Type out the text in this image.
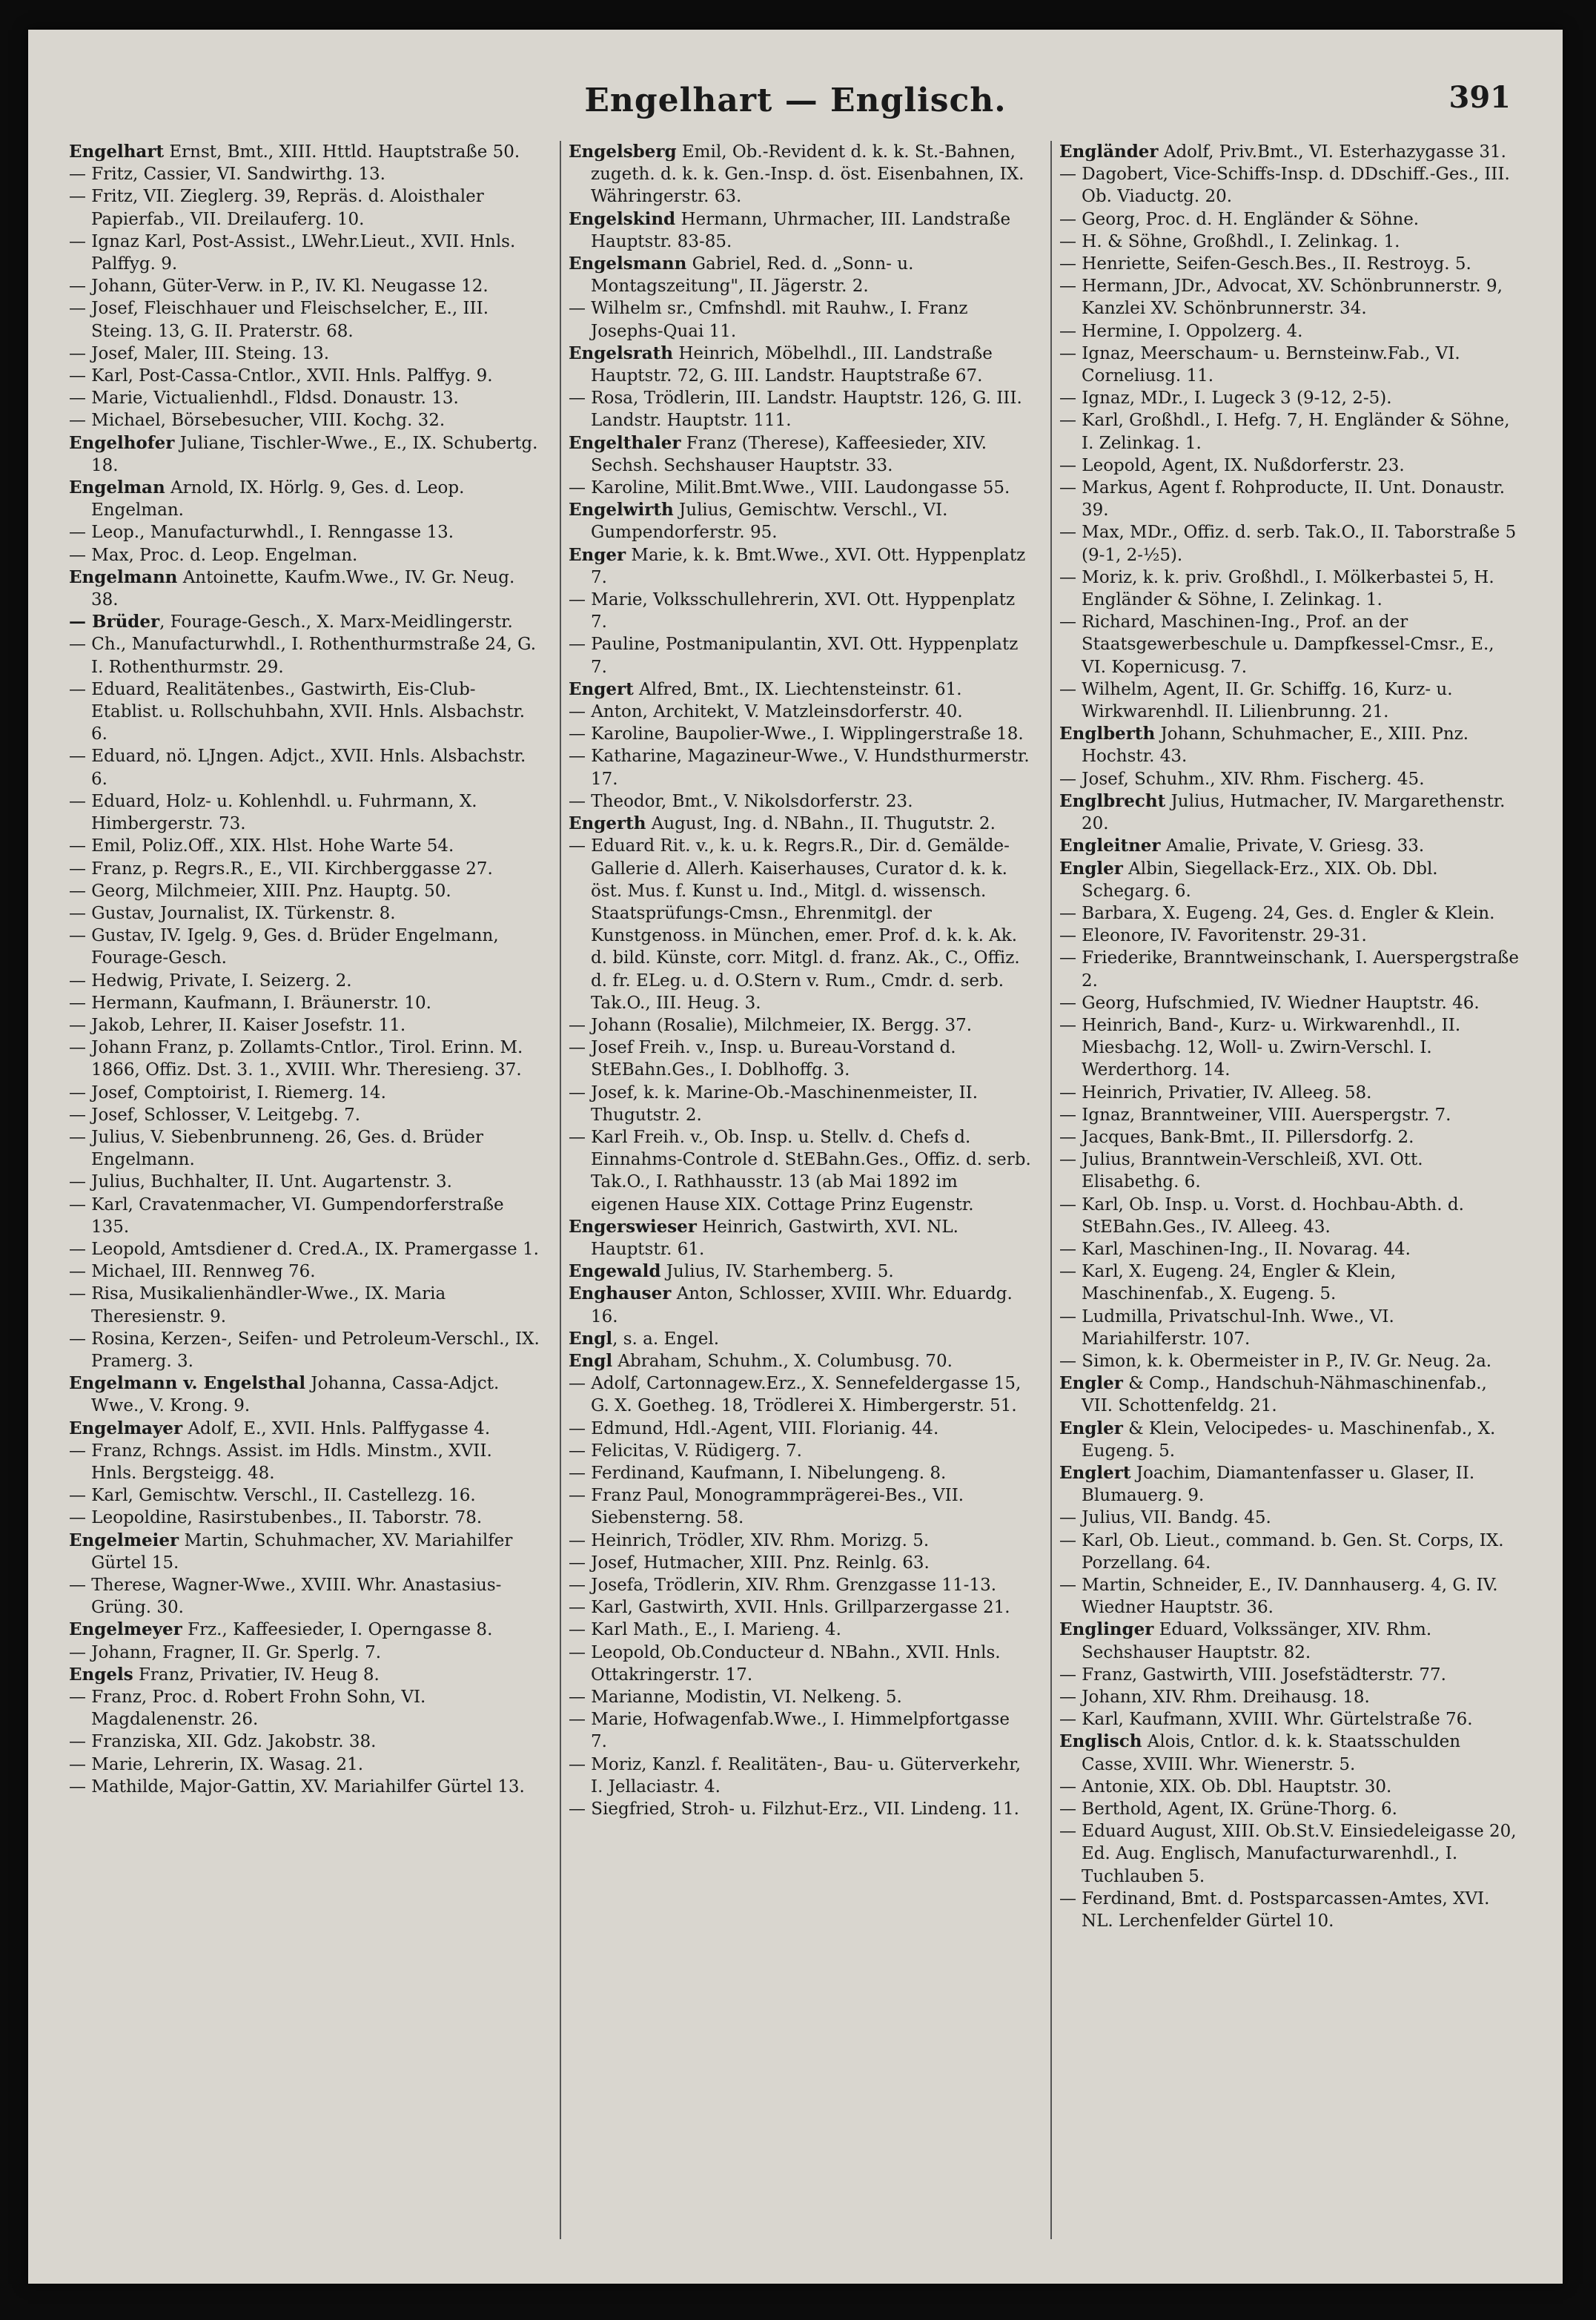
Engelhart — Englisch.	391

Engelhart Ernst, Bmt., XIII. Httld. Hauptstraße 50.

— Fritz, Cassier, VI. Sandwirthg. 13.

— Fritz, VII. Zieglerg. 39, Repräs. d. Aloisthaler Papierfab., VII. Dreilauferg. 10.

— Ignaz Karl, Post-Assist., LWehr.Lieut., XVII. Hnls. Palffyg. 9.

— Johann, Güter-Verw. in P., IV. Kl. Neugasse 12.

— Josef, Fleischhauer und Fleischselcher, E., III. Steing. 13, G. II. Praterstr. 68.

— Josef, Maler, III. Steing. 13.

— Karl, Post-Cassa-Cntlor., XVII. Hnls. Palffyg. 9.

— Marie, Victualienhdl., Fldsd. Donaustr. 13.

— Michael, Börsebesucher, VIII. Kochg. 32.

Engelhofer Juliane, Tischler-Wwe., E., IX. Schubertg. 18.

Engelman Arnold, IX. Hörlg. 9, Ges. d. Leop. Engelman.

— Leop., Manufacturwhdl., I. Renngasse 13.

— Max, Proc. d. Leop. Engelman.

Engelmann Antoinette, Kaufm.Wwe., IV. Gr. Neug. 38.

— Brüder, Fourage-Gesch., X. Marx-Meidlingerstr.

— Ch., Manufacturwhdl., I. Rothenthurmstraße 24, G. I. Rothenthurmstr. 29.

— Eduard, Realitätenbes., Gastwirth, Eis-Club-Etablist. u. Rollschuhbahn, XVII. Hnls. Alsbachstr. 6.

— Eduard, nö. LJngen. Adjct., XVII. Hnls. Alsbachstr. 6.

— Eduard, Holz- u. Kohlenhdl. u. Fuhrmann, X. Himbergerstr. 73.

— Emil, Poliz.Off., XIX. Hlst. Hohe Warte 54.

— Franz, p. Regrs.R., E., VII. Kirchberggasse 27.

— Georg, Milchmeier, XIII. Pnz. Hauptg. 50.

— Gustav, Journalist, IX. Türkenstr. 8.

— Gustav, IV. Igelg. 9, Ges. d. Brüder Engelmann, Fourage-Gesch.

— Hedwig, Private, I. Seizerg. 2.

— Hermann, Kaufmann, I. Bräunerstr. 10.

— Jakob, Lehrer, II. Kaiser Josefstr. 11.

— Johann Franz, p. Zollamts-Cntlor., Tirol. Erinn. M. 1866, Offiz. Dst. 3. 1., XVIII. Whr. Theresieng. 37.

— Josef, Comptoirist, I. Riemerg. 14.

— Josef, Schlosser, V. Leitgebg. 7.

— Julius, V. Siebenbrunneng. 26, Ges. d. Brüder Engelmann.

— Julius, Buchhalter, II. Unt. Augartenstr. 3.

— Karl, Cravatenmacher, VI. Gumpendorferstraße 135.

— Leopold, Amtsdiener d. Cred.A., IX. Pramergasse 1.

— Michael, III. Rennweg 76.

— Risa, Musikalienhändler-Wwe., IX. Maria Theresienstr. 9.

— Rosina, Kerzen-, Seifen- und Petroleum-Verschl., IX. Pramerg. 3.

Engelmann v. Engelsthal Johanna, Cassa-Adjct. Wwe., V. Krong. 9.

Engelmayer Adolf, E., XVII. Hnls. Palffygasse 4.

— Franz, Rchngs. Assist. im Hdls. Minstm., XVII. Hnls. Bergsteigg. 48.

— Karl, Gemischtw. Verschl., II. Castellezg. 16.

— Leopoldine, Rasirstubenbes., II. Taborstr. 78.

Engelmeier Martin, Schuhmacher, XV. Mariahilfer Gürtel 15.

— Therese, Wagner-Wwe., XVIII. Whr. Anastasius-Grüng. 30.

Engelmeyer Frz., Kaffeesieder, I. Operngasse 8.

— Johann, Fragner, II. Gr. Sperlg. 7.

Engels Franz, Privatier, IV. Heug 8.

— Franz, Proc. d. Robert Frohn Sohn, VI. Magdalenenstr. 26.

— Franziska, XII. Gdz. Jakobstr. 38.

— Marie, Lehrerin, IX. Wasag. 21.

— Mathilde, Major-Gattin, XV. Mariahilfer Gürtel 13.

Engelsberg Emil, Ob.-Revident d. k. k. St.-Bahnen, zugeth. d. k. k. Gen.-Insp. d. öst. Eisenbahnen, IX. Währingerstr. 63.

Engelskind Hermann, Uhrmacher, III. Landstraße Hauptstr. 83-85.

Engelsmann Gabriel, Red. d. „Sonn- u. Montagszeitung", II. Jägerstr. 2.

— Wilhelm sr., Cmfnshdl. mit Rauhw., I. Franz Josephs-Quai 11.

Engelsrath Heinrich, Möbelhdl., III. Landstraße Hauptstr. 72, G. III. Landstr. Hauptstraße 67.

— Rosa, Trödlerin, III. Landstr. Hauptstr. 126, G. III. Landstr. Hauptstr. 111.

Engelthaler Franz (Therese), Kaffeesieder, XIV. Sechsh. Sechshauser Hauptstr. 33.

— Karoline, Milit.Bmt.Wwe., VIII. Laudongasse 55.

Engelwirth Julius, Gemischtw. Verschl., VI. Gumpendorferstr. 95.

Enger Marie, k. k. Bmt.Wwe., XVI. Ott. Hyppenplatz 7.

— Marie, Volksschullehrerin, XVI. Ott. Hyppenplatz 7.

— Pauline, Postmanipulantin, XVI. Ott. Hyppenplatz 7.

Engert Alfred, Bmt., IX. Liechtensteinstr. 61.

— Anton, Architekt, V. Matzleinsdorferstr. 40.

— Karoline, Baupolier-Wwe., I. Wipplingerstraße 18.

— Katharine, Magazineur-Wwe., V. Hundsthurmerstr. 17.

— Theodor, Bmt., V. Nikolsdorferstr. 23.

Engerth August, Ing. d. NBahn., II. Thugutstr. 2.

— Eduard Rit. v., k. u. k. Regrs.R., Dir. d. Gemälde-Gallerie d. Allerh. Kaiserhauses, Curator d. k. k. öst. Mus. f. Kunst u. Ind., Mitgl. d. wissensch. Staatsprüfungs-Cmsn., Ehrenmitgl. der Kunstgenoss. in München, emer. Prof. d. k. k. Ak. d. bild. Künste, corr. Mitgl. d. franz. Ak., C., Offiz. d. fr. ELeg. u. d. O.Stern v. Rum., Cmdr. d. serb. Tak.O., III. Heug. 3.

— Johann (Rosalie), Milchmeier, IX. Bergg. 37.

— Josef Freih. v., Insp. u. Bureau-Vorstand d. StEBahn.Ges., I. Doblhoffg. 3.

— Josef, k. k. Marine-Ob.-Maschinenmeister, II. Thugutstr. 2.

— Karl Freih. v., Ob. Insp. u. Stellv. d. Chefs d. Einnahms-Controle d. StEBahn.Ges., Offiz. d. serb. Tak.O., I. Rathhausstr. 13 (ab Mai 1892 im eigenen Hause XIX. Cottage Prinz Eugenstr.

Engerswieser Heinrich, Gastwirth, XVI. NL. Hauptstr. 61.

Engewald Julius, IV. Starhemberg. 5.

Enghauser Anton, Schlosser, XVIII. Whr. Eduardg. 16.

Engl, s. a. Engel.

Engl Abraham, Schuhm., X. Columbusg. 70.

— Adolf, Cartonnagew.Erz., X. Sennefeldergasse 15, G. X. Goetheg. 18, Trödlerei X. Himbergerstr. 51.

— Edmund, Hdl.-Agent, VIII. Florianig. 44.

— Felicitas, V. Rüdigerg. 7.

— Ferdinand, Kaufmann, I. Nibelungeng. 8.

— Franz Paul, Monogrammprägerei-Bes., VII. Siebensterng. 58.

— Heinrich, Trödler, XIV. Rhm. Morizg. 5.

— Josef, Hutmacher, XIII. Pnz. Reinlg. 63.

— Josefa, Trödlerin, XIV. Rhm. Grenzgasse 11-13.

— Karl, Gastwirth, XVII. Hnls. Grillparzergasse 21.

— Karl Math., E., I. Marieng. 4.

— Leopold, Ob.Conducteur d. NBahn., XVII. Hnls. Ottakringerstr. 17.

— Marianne, Modistin, VI. Nelkeng. 5.

— Marie, Hofwagenfab.Wwe., I. Himmelpfortgasse 7.

— Moriz, Kanzl. f. Realitäten-, Bau- u. Güterverkehr, I. Jellaciastr. 4.

— Siegfried, Stroh- u. Filzhut-Erz., VII. Lindeng. 11.

Engländer Adolf, Priv.Bmt., VI. Esterhazygasse 31.

— Dagobert, Vice-Schiffs-Insp. d. DDschiff.-Ges., III. Ob. Viaductg. 20.

— Georg, Proc. d. H. Engländer & Söhne.

— H. & Söhne, Großhdl., I. Zelinkag. 1.

— Henriette, Seifen-Gesch.Bes., II. Restroyg. 5.

— Hermann, JDr., Advocat, XV. Schönbrunnerstr. 9, Kanzlei XV. Schönbrunnerstr. 34.

— Hermine, I. Oppolzerg. 4.

— Ignaz, Meerschaum- u. Bernsteinw.Fab., VI. Corneliusg. 11.

— Ignaz, MDr., I. Lugeck 3 (9-12, 2-5).

— Karl, Großhdl., I. Hefg. 7, H. Engländer & Söhne, I. Zelinkag. 1.

— Leopold, Agent, IX. Nußdorferstr. 23.

— Markus, Agent f. Rohproducte, II. Unt. Donaustr. 39.

— Max, MDr., Offiz. d. serb. Tak.O., II. Taborstraße 5 (9-1, 2-½5).

— Moriz, k. k. priv. Großhdl., I. Mölkerbastei 5, H. Engländer & Söhne, I. Zelinkag. 1.

— Richard, Maschinen-Ing., Prof. an der Staatsgewerbeschule u. Dampfkessel-Cmsr., E., VI. Kopernicusg. 7.

— Wilhelm, Agent, II. Gr. Schiffg. 16, Kurz- u. Wirkwarenhdl. II. Lilienbrunng. 21.

Englberth Johann, Schuhmacher, E., XIII. Pnz. Hochstr. 43.

— Josef, Schuhm., XIV. Rhm. Fischerg. 45.

Englbrecht Julius, Hutmacher, IV. Margarethenstr. 20.

Engleitner Amalie, Private, V. Griesg. 33.

Engler Albin, Siegellack-Erz., XIX. Ob. Dbl. Schegarg. 6.

— Barbara, X. Eugeng. 24, Ges. d. Engler & Klein.

— Eleonore, IV. Favoritenstr. 29-31.

— Friederike, Branntweinschank, I. Auerspergstraße 2.

— Georg, Hufschmied, IV. Wiedner Hauptstr. 46.

— Heinrich, Band-, Kurz- u. Wirkwarenhdl., II. Miesbachg. 12, Woll- u. Zwirn-Verschl. I. Werderthorg. 14.

— Heinrich, Privatier, IV. Alleeg. 58.

— Ignaz, Branntweiner, VIII. Auerspergstr. 7.

— Jacques, Bank-Bmt., II. Pillersdorfg. 2.

— Julius, Branntwein-Verschleiß, XVI. Ott. Elisabethg. 6.

— Karl, Ob. Insp. u. Vorst. d. Hochbau-Abth. d. StEBahn.Ges., IV. Alleeg. 43.

— Karl, Maschinen-Ing., II. Novarag. 44.

— Karl, X. Eugeng. 24, Engler & Klein, Maschinenfab., X. Eugeng. 5.

— Ludmilla, Privatschul-Inh. Wwe., VI. Mariahilferstr. 107.

— Simon, k. k. Obermeister in P., IV. Gr. Neug. 2a.

Engler & Comp., Handschuh-Nähmaschinenfab., VII. Schottenfeldg. 21.

Engler & Klein, Velocipedes- u. Maschinenfab., X. Eugeng. 5.

Englert Joachim, Diamantenfasser u. Glaser, II. Blumauerg. 9.

— Julius, VII. Bandg. 45.

— Karl, Ob. Lieut., command. b. Gen. St. Corps, IX. Porzellang. 64.

— Martin, Schneider, E., IV. Dannhauserg. 4, G. IV. Wiedner Hauptstr. 36.

Englinger Eduard, Volkssänger, XIV. Rhm. Sechshauser Hauptstr. 82.

— Franz, Gastwirth, VIII. Josefstädterstr. 77.

— Johann, XIV. Rhm. Dreihausg. 18.

— Karl, Kaufmann, XVIII. Whr. Gürtelstraße 76.

Englisch Alois, Cntlor. d. k. k. Staatsschulden Casse, XVIII. Whr. Wienerstr. 5.

— Antonie, XIX. Ob. Dbl. Hauptstr. 30.

— Berthold, Agent, IX. Grüne-Thorg. 6.

— Eduard August, XIII. Ob.St.V. Einsiedeleigasse 20, Ed. Aug. Englisch, Manufacturwarenhdl., I. Tuchlauben 5.

— Ferdinand, Bmt. d. Postsparcassen-Amtes, XVI. NL. Lerchenfelder Gürtel 10.
